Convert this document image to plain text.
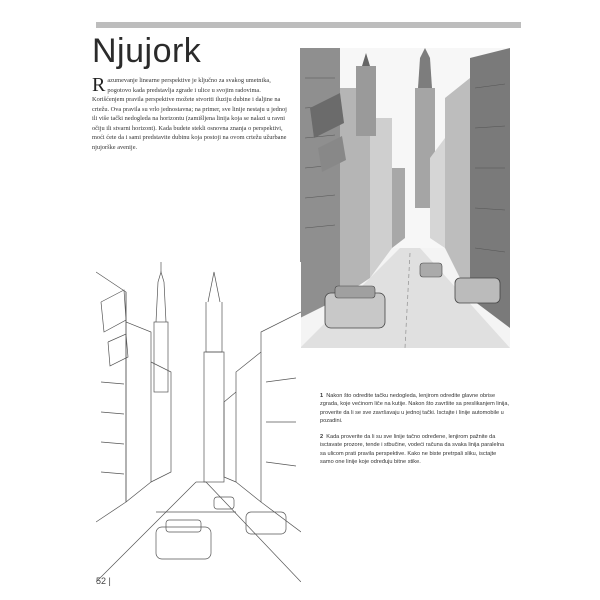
Njujork

Razumevanje linearne perspektive je ključno za svakog umetnika, pogotovo kada predstavlja zgrade i ulice u svojim radovima. Korišćenjem pravila perspektive možete stvoriti iluziju dubine i daljine na crtežu. Ova pravila su vrlo jednostavna; na primer, sve linije nestaju u jednoj ili više tački nedogleda na horizontu (zamišljena linija koja se nalazi u ravni očiju ili stvarni horizont). Kada budete stekli osnovna znanja o perspektivi, moći ćete da i sami predstavite dubinu kojа postoji na ovom crtežu užurbane njujorške avenije.

1 Nakon što odredite tačku nedogleda, lenjirom odredite glavne obrise zgrada, koje većinom liče na kutije. Nakon što završite sa preslikanjem linija, proverite da li se sve završavaju u jednoj tački. Isctajte i linije automobile u pozadini.

2 Kada proverite da li su sve linije tačno određene, lenjirom pažnite da isctavate prozore, tende i stbučine, vodeći računa da svaka linija paralelna sa ulicom prati pravila perspektive. Kako ne biste pretrpali sliku, isctajte samo one linije koje određuju bitne stike.

52 |
